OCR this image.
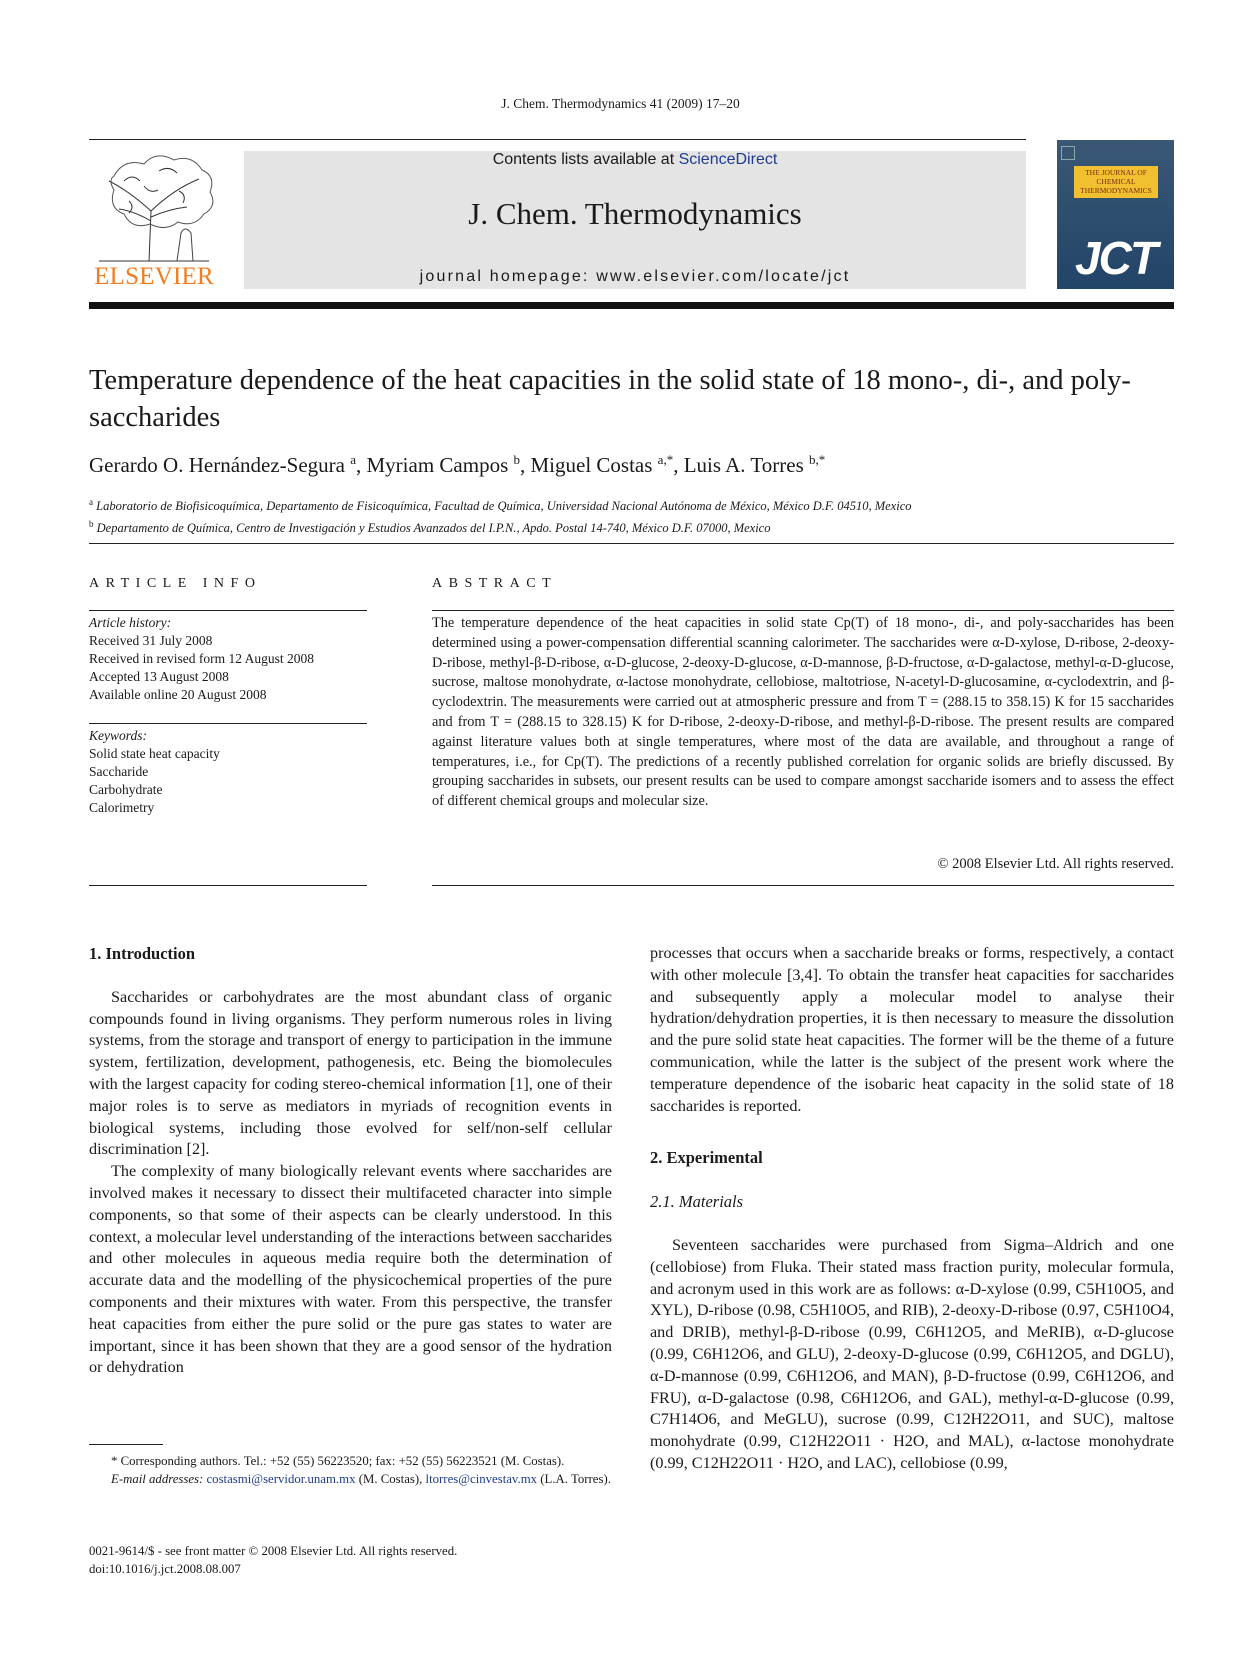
J. Chem. Thermodynamics 41 (2009) 17–20
ELSEVIER
Contents lists available at ScienceDirect
J. Chem. Thermodynamics
journal homepage: www.elsevier.com/locate/jct
THE JOURNAL OF CHEMICAL THERMODYNAMICS
JCT
Temperature dependence of the heat capacities in the solid state of 18 mono-, di-, and poly-saccharides
Gerardo O. Hernández-Segura $^a$, Myriam Campos $^b$, Miguel Costas $^{a,*}$, Luis A. Torres $^{b,*}$
$^a$ Laboratorio de Biofisicoquímica, Departamento de Fisicoquímica, Facultad de Química, Universidad Nacional Autónoma de México, México D.F. 04510, Mexico
$^b$ Departamento de Química, Centro de Investigación y Estudios Avanzados del I.P.N., Apdo. Postal 14-740, México D.F. 07000, Mexico
ARTICLE INFO
Article history:
Received 31 July 2008
Received in revised form 12 August 2008
Accepted 13 August 2008
Available online 20 August 2008
Keywords:
Solid state heat capacity
Saccharide
Carbohydrate
Calorimetry
ABSTRACT
The temperature dependence of the heat capacities in solid state Cp(T) of 18 mono-, di-, and poly-saccharides has been determined using a power-compensation differential scanning calorimeter. The saccharides were α-D-xylose, D-ribose, 2-deoxy-D-ribose, methyl-β-D-ribose, α-D-glucose, 2-deoxy-D-glucose, α-D-mannose, β-D-fructose, α-D-galactose, methyl-α-D-glucose, sucrose, maltose monohydrate, α-lactose monohydrate, cellobiose, maltotriose, N-acetyl-D-glucosamine, α-cyclodextrin, and β-cyclodextrin. The measurements were carried out at atmospheric pressure and from T = (288.15 to 358.15) K for 15 saccharides and from T = (288.15 to 328.15) K for D-ribose, 2-deoxy-D-ribose, and methyl-β-D-ribose. The present results are compared against literature values both at single temperatures, where most of the data are available, and throughout a range of temperatures, i.e., for Cp(T). The predictions of a recently published correlation for organic solids are briefly discussed. By grouping saccharides in subsets, our present results can be used to compare amongst saccharide isomers and to assess the effect of different chemical groups and molecular size.
© 2008 Elsevier Ltd. All rights reserved.
1. Introduction

Saccharides or carbohydrates are the most abundant class of organic compounds found in living organisms. They perform numerous roles in living systems, from the storage and transport of energy to participation in the immune system, fertilization, development, pathogenesis, etc. Being the biomolecules with the largest capacity for coding stereo-chemical information [1], one of their major roles is to serve as mediators in myriads of recognition events in biological systems, including those evolved for self/non-self cellular discrimination [2].

The complexity of many biologically relevant events where saccharides are involved makes it necessary to dissect their multifaceted character into simple components, so that some of their aspects can be clearly understood. In this context, a molecular level understanding of the interactions between saccharides and other molecules in aqueous media require both the determination of accurate data and the modelling of the physicochemical properties of the pure components and their mixtures with water. From this perspective, the transfer heat capacities from either the pure solid or the pure gas states to water are important, since it has been shown that they are a good sensor of the hydration or dehydration

* Corresponding authors. Tel.: +52 (55) 56223520; fax: +52 (55) 56223521 (M. Costas).
E-mail addresses: costasmi@servidor.unam.mx (M. Costas), ltorres@cinvestav.mx (L.A. Torres).
0021-9614/$ - see front matter © 2008 Elsevier Ltd. All rights reserved.
doi:10.1016/j.jct.2008.08.007

processes that occurs when a saccharide breaks or forms, respectively, a contact with other molecule [3,4]. To obtain the transfer heat capacities for saccharides and subsequently apply a molecular model to analyse their hydration/dehydration properties, it is then necessary to measure the dissolution and the pure solid state heat capacities. The former will be the theme of a future communication, while the latter is the subject of the present work where the temperature dependence of the isobaric heat capacity in the solid state of 18 saccharides is reported.

2. Experimental
2.1. Materials

Seventeen saccharides were purchased from Sigma–Aldrich and one (cellobiose) from Fluka. Their stated mass fraction purity, molecular formula, and acronym used in this work are as follows: α-D-xylose (0.99, C5H10O5, and XYL), D-ribose (0.98, C5H10O5, and RIB), 2-deoxy-D-ribose (0.97, C5H10O4, and DRIB), methyl-β-D-ribose (0.99, C6H12O5, and MeRIB), α-D-glucose (0.99, C6H12O6, and GLU), 2-deoxy-D-glucose (0.99, C6H12O5, and DGLU), α-D-mannose (0.99, C6H12O6, and MAN), β-D-fructose (0.99, C6H12O6, and FRU), α-D-galactose (0.98, C6H12O6, and GAL), methyl-α-D-glucose (0.99, C7H14O6, and MeGLU), sucrose (0.99, C12H22O11, and SUC), maltose monohydrate (0.99, C12H22O11 · H2O, and MAL), α-lactose monohydrate (0.99, C12H22O11 · H2O, and LAC), cellobiose (0.99,
